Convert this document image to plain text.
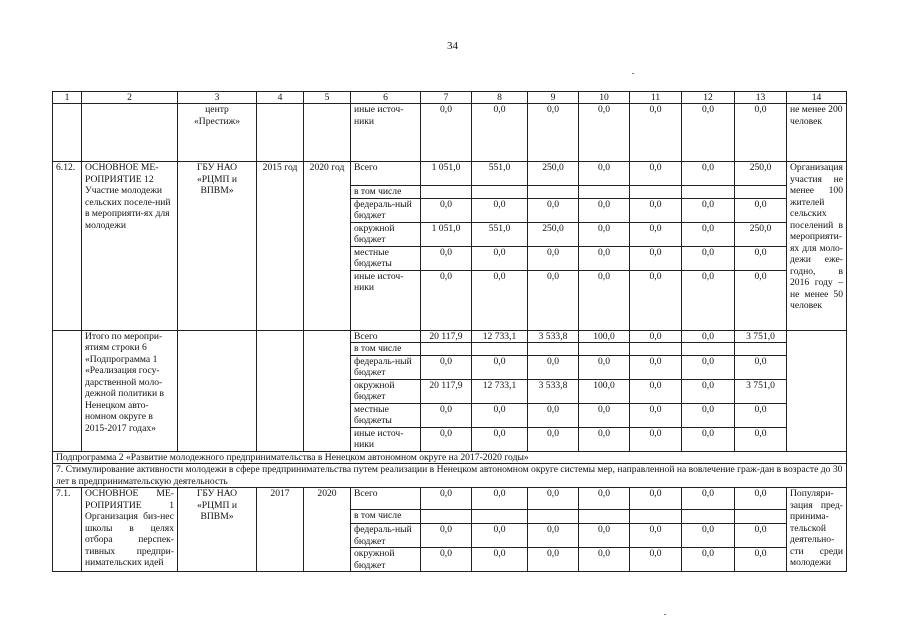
34
1	2	3	4	5	6	7	8	9	10	11	12	13	14
		центр «Престиж»			иные источ-ники	0,0	0,0	0,0	0,0	0,0	0,0	0,0	не менее 200 человек
6.12.	ОСНОВНОЕ МЕ-РОПРИЯТИЕ 12 Участие молодежи сельских поселе-ний в мероприяти-ях для молодежи	ГБУ НАО «РЦМП и ВПВМ»	2015 год	2020 год	Всего	1 051,0	551,0	250,0	0,0	0,0	0,0	250,0	Организация участия не менее 100 жителей сельских поселений в мероприяти-ях для моло-дежи еже-годно, в 2016 году – не менее 50 человек
					в том числе								
					федераль-ный бюджет	0,0	0,0	0,0	0,0	0,0	0,0	0,0	
					окружной бюджет	1 051,0	551,0	250,0	0,0	0,0	0,0	250,0	
					местные бюджеты	0,0	0,0	0,0	0,0	0,0	0,0	0,0	
					иные источ-ники	0,0	0,0	0,0	0,0	0,0	0,0	0,0	
	Итого по меропри-ятиям строки 6 «Подпрограмма 1 «Реализация госу-дарственной моло-дежной политики в Ненецком авто-номном округе в 2015-2017 годах»				Всего	20 117,9	12 733,1	3 533,8	100,0	0,0	0,0	3 751,0	
					в том числе								
					федераль-ный бюджет	0,0	0,0	0,0	0,0	0,0	0,0	0,0	
					окружной бюджет	20 117,9	12 733,1	3 533,8	100,0	0,0	0,0	3 751,0	
					местные бюджеты	0,0	0,0	0,0	0,0	0,0	0,0	0,0	
					иные источ-ники	0,0	0,0	0,0	0,0	0,0	0,0	0,0	
Подпрограмма 2 «Развитие молодежного предпринимательства в Ненецком автономном округе на 2017-2020 годы»													
7. Стимулирование активности молодежи в сфере предпринимательства путем реализации в Ненецком автономном округе системы мер, направленной на вовлечение граж-дан в возрасте до 30 лет в предпринимательскую деятельность													
7.1.	ОСНОВНОЕ МЕ-РОПРИЯТИЕ 1 Организация биз-нес школы в целях отбора перспек-тивных предпри-нимательских идей	ГБУ НАО «РЦМП и ВПВМ»	2017	2020	Всего	0,0	0,0	0,0	0,0	0,0	0,0	0,0	Популяри-зация пред-принима-тельской деятельно-сти среди молодежи
					в том числе								
					федераль-ный бюджет	0,0	0,0	0,0	0,0	0,0	0,0	0,0	
					окружной бюджет	0,0	0,0	0,0	0,0	0,0	0,0	0,0	
